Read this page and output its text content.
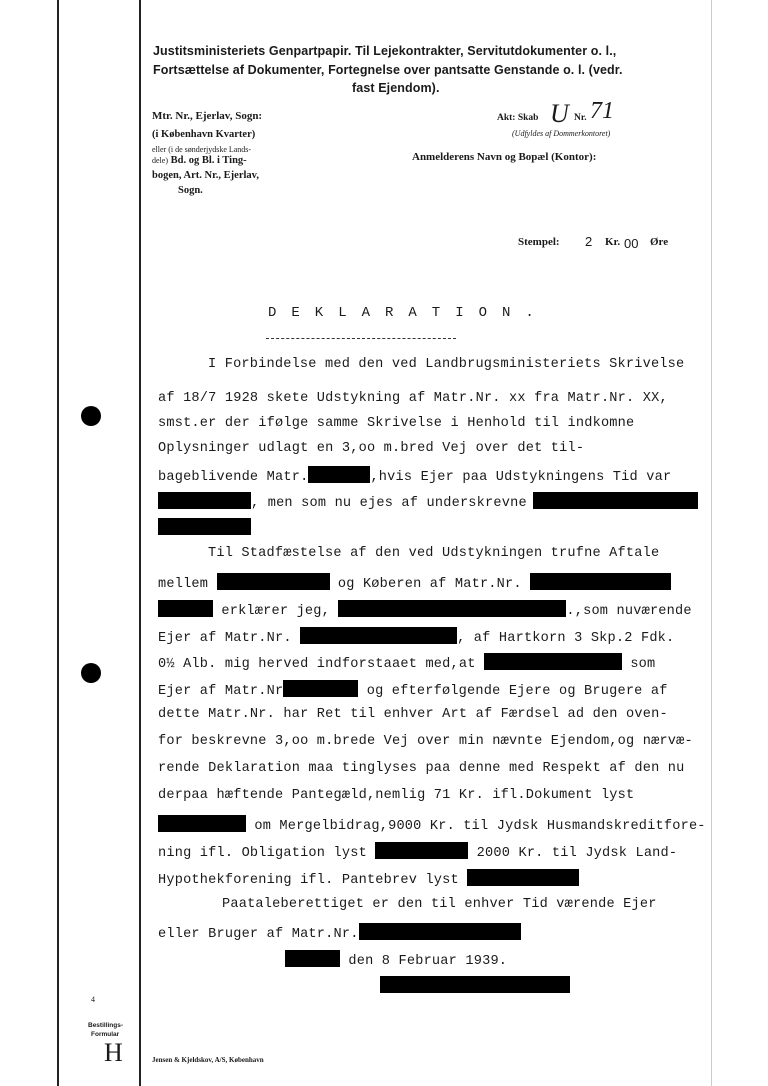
Justitsministeriets Genpartpapir. Til Lejekontrakter, Servitutdokumenter o. l.,
Fortsættelse af Dokumenter, Fortegnelse over pantsatte Genstande o. l. (vedr.
fast Ejendom).
Mtr. Nr., Ejerlav, Sogn:
(i København Kvarter)
eller (i de sønderjydske Lands-
dele) Bd. og Bl. i Ting-
bogen, Art. Nr., Ejerlav,
Sogn.
Akt: Skab U Nr. 71
(Udfyldes af Dommerkontoret)
Anmelderens Navn og Bopæl (Kontor):
Stempel: 2 Kr. 00 Øre
DEKLARATION.
I Forbindelse med den ved Landbrugsministeriets Skrivelse
af 18/7 1928 skete Udstykning af Matr.Nr. xx fra Matr.Nr. XX,
smst.er der ifølge samme Skrivelse i Henhold til indkomne
Oplysninger udlagt en 3,oo m.bred Vej over det til-
bageblivende Matr.	,hvis Ejer paa Udstykningens Tid var
, men som nu ejes af underskrevne
Til Stadfæstelse af den ved Udstykningen trufne Aftale
mellem	og Køberen af Matr.Nr.
erklærer jeg,	.,som nuværende
Ejer af Matr.Nr.	, af Hartkorn 3 Skp.2 Fdk.
0½ Alb. mig herved indforstaaet med,at	som
Ejer af Matr.Nr	og efterfølgende Ejere og Brugere af
dette Matr.Nr. har Ret til enhver Art af Færdsel ad den oven-
for beskrevne 3,oo m.brede Vej over min nævnte Ejendom,og nærvæ-
rende Deklaration maa tinglyses paa denne med Respekt af den nu
derpaa hæftende Pantegæld,nemlig 71 Kr. ifl.Dokument lyst
om Mergelbidrag,9000 Kr. til Jydsk Husmandskreditfore-
ning ifl. Obligation lyst	2000 Kr. til Jydsk Land-
Hypothekforening ifl. Pantebrev lyst
Paataleberettiget er den til enhver Tid værende Ejer
eller Bruger af Matr.Nr.
den 8 Februar 1939.
4
Bestillings-
Formular
H	Jensen & Kjeldskov, A/S, København
